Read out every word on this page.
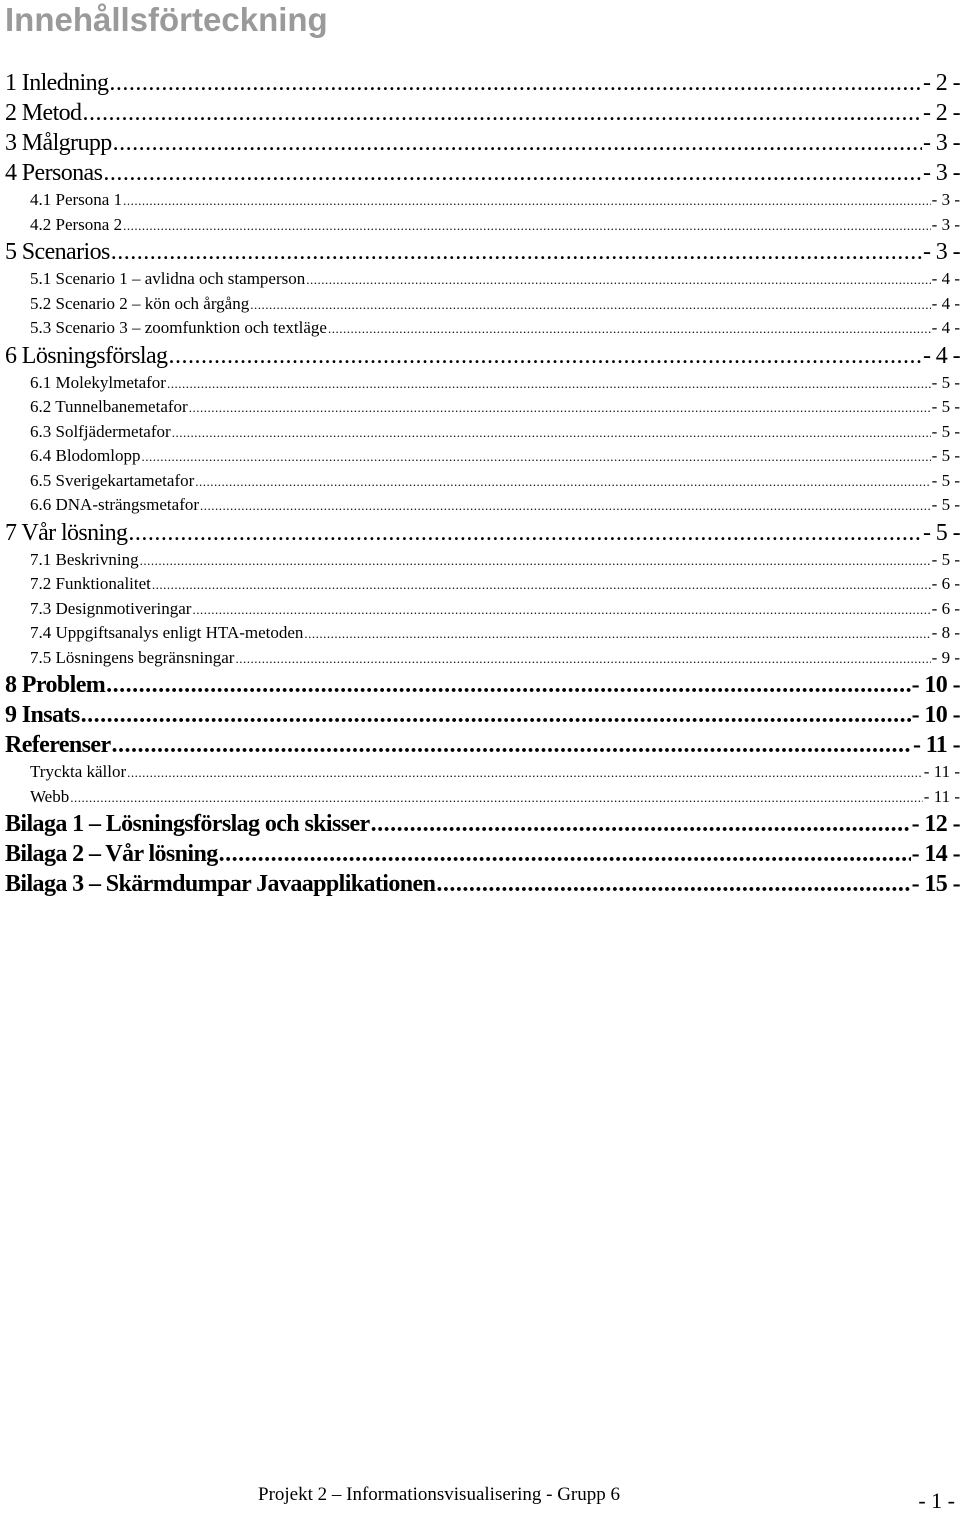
Innehållsförteckning
1 Inledning .....	- 2 -
2 Metod .....	- 2 -
3 Målgrupp .....	- 3 -
4 Personas .....	- 3 -
4.1 Persona 1 .....	- 3 -
4.2 Persona 2 .....	- 3 -
5 Scenarios .....	- 3 -
5.1 Scenario 1 – avlidna och stamperson .....	- 4 -
5.2 Scenario 2 – kön och årgång .....	- 4 -
5.3 Scenario 3 – zoomfunktion och textläge .....	- 4 -
6 Lösningsförslag .....	- 4 -
6.1 Molekylmetafor .....	- 5 -
6.2 Tunnelbanemetafor .....	- 5 -
6.3 Solfjädermetafor .....	- 5 -
6.4 Blodomlopp .....	- 5 -
6.5 Sverigekartametafor .....	- 5 -
6.6 DNA-strängsmetafor .....	- 5 -
7 Vår lösning .....	- 5 -
7.1 Beskrivning .....	- 5 -
7.2 Funktionalitet .....	- 6 -
7.3 Designmotiveringar .....	- 6 -
7.4 Uppgiftsanalys enligt HTA-metoden .....	- 8 -
7.5 Lösningens begränsningar .....	- 9 -
8 Problem .....	- 10 -
9 Insats .....	- 10 -
Referenser .....	- 11 -
Tryckta källor .....	- 11 -
Webb .....	- 11 -
Bilaga 1 – Lösningsförslag och skisser .....	- 12 -
Bilaga 2 – Vår lösning .....	- 14 -
Bilaga 3 – Skärmdumpar Javaapplikationen .....	- 15 -
Projekt 2 – Informationsvisualisering - Grupp 6	- 1 -
